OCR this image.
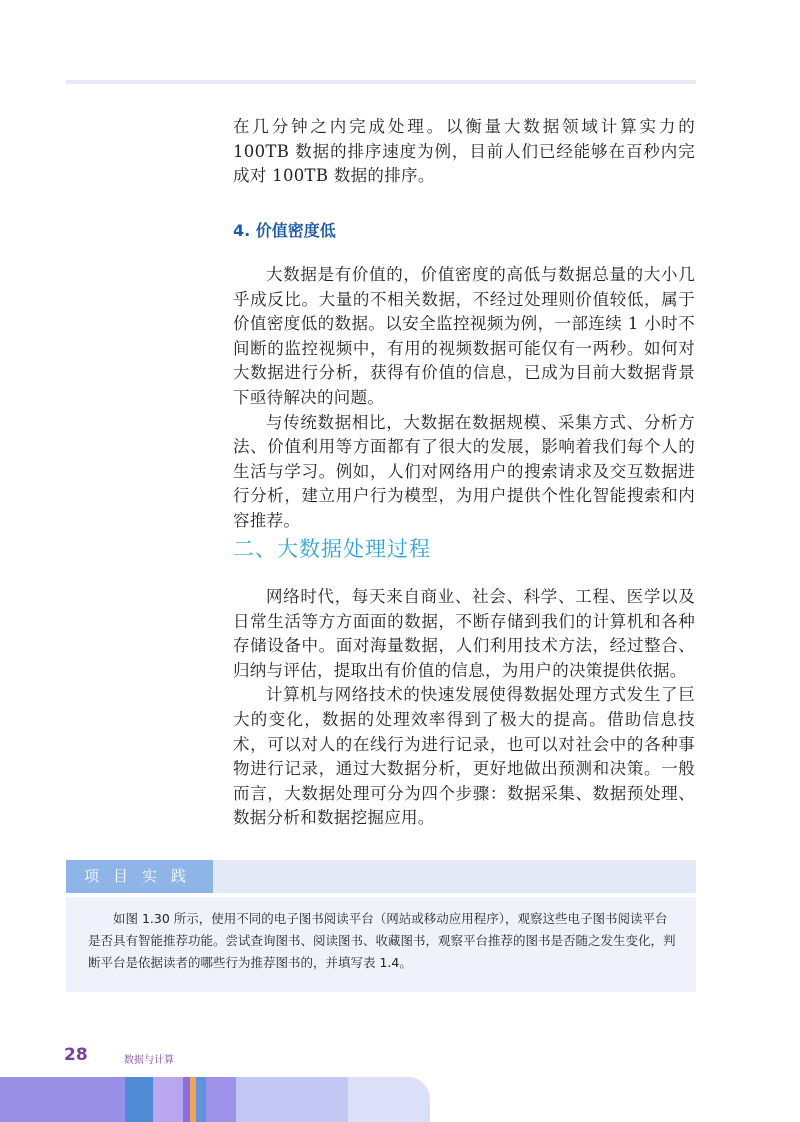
在几分钟之内完成处理。以衡量大数据领域计算实力的 100TB 数据的排序速度为例，目前人们已经能够在百秒内完成对 100TB 数据的排序。

4. 价值密度低

大数据是有价值的，价值密度的高低与数据总量的大小几乎成反比。大量的不相关数据，不经过处理则价值较低，属于价值密度低的数据。以安全监控视频为例，一部连续 1 小时不间断的监控视频中，有用的视频数据可能仅有一两秒。如何对大数据进行分析，获得有价值的信息，已成为目前大数据背景下亟待解决的问题。

与传统数据相比，大数据在数据规模、采集方式、分析方法、价值利用等方面都有了很大的发展，影响着我们每个人的生活与学习。例如，人们对网络用户的搜索请求及交互数据进行分析，建立用户行为模型，为用户提供个性化智能搜索和内容推荐。

二、大数据处理过程

网络时代，每天来自商业、社会、科学、工程、医学以及日常生活等方方面面的数据，不断存储到我们的计算机和各种存储设备中。面对海量数据，人们利用技术方法，经过整合、归纳与评估，提取出有价值的信息，为用户的决策提供依据。

计算机与网络技术的快速发展使得数据处理方式发生了巨大的变化，数据的处理效率得到了极大的提高。借助信息技术，可以对人的在线行为进行记录，也可以对社会中的各种事物进行记录，通过大数据分析，更好地做出预测和决策。一般而言，大数据处理可分为四个步骤：数据采集、数据预处理、数据分析和数据挖掘应用。

项目实践

如图 1.30 所示，使用不同的电子图书阅读平台（网站或移动应用程序），观察这些电子图书阅读平台是否具有智能推荐功能。尝试查询图书、阅读图书、收藏图书，观察平台推荐的图书是否随之发生变化，判断平台是依据读者的哪些行为推荐图书的，并填写表 1.4。

28	数据与计算
